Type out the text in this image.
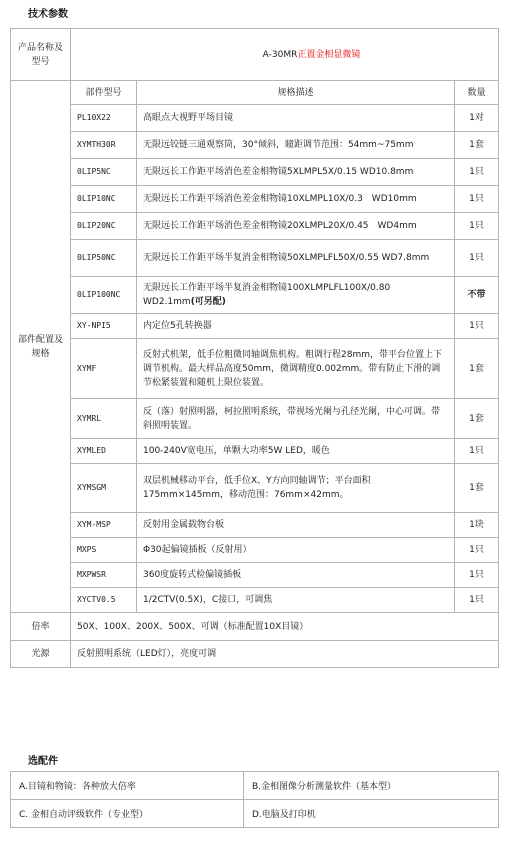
技术参数
产品名称及型号	A-30MR正置金相显微镜		
部件配置及规格	部件型号	规格描述	数量
	PL10X22	高眼点大视野平场目镜	1对
	XYMTH30R	无限远铰链三通观察筒，30°倾斜，瞳距调节范围：54mm~75mm	1套
	0LIP5NC	无限远长工作距平场消色差金相物镜5XLMPL5X/0.15 WD10.8mm	1只
	0LIP10NC	无限远长工作距平场消色差金相物镜10XLMPL10X/0.3　WD10mm	1只
	0LIP20NC	无限远长工作距平场消色差金相物镜20XLMPL20X/0.45　WD4mm	1只
	0LIP50NC	无限远长工作距平场半复消金相物镜50XLMPLFL50X/0.55 WD7.8mm	1只
	0LIP100NC	无限远长工作距平场半复消金相物镜100XLMPLFL100X/0.80 WD2.1mm(可另配)	不带
	XY-NPI5	内定位5孔转换器	1只
	XYMF	反射式机架，低手位粗微同轴调焦机构。粗调行程28mm，带平台位置上下调节机构。最大样品高度50mm，微调精度0.002mm。带有防止下滑的调节松紧装置和随机上限位装置。	1套
	XYMRL	反（落）射照明器，柯拉照明系统，带视场光阑与孔径光阑，中心可调。带斜照明装置。	1套
	XYMLED	100-240V宽电压，单颗大功率5W LED，暖色	1只
	XYMSGM	双层机械移动平台，低手位X、Y方向同轴调节；平台面积175mm×145mm，移动范围：76mm×42mm。	1套
	XYM-MSP	反射用金属载物台板	1块
	MXPS	Φ30起偏镜插板（反射用）	1只
	MXPWSR	360度旋转式检偏镜插板	1只
	XYCTV0.5	1/2CTV(0.5X)，C接口，可调焦	1只
倍率	50X、100X、200X、500X、可调（标准配置10X目镜）		
光源	反射照明系统（LED灯），亮度可调		
选配件
A.目镜和物镜：各种放大倍率	B.金相图像分析测量软件（基本型）
C. 金相自动评级软件（专业型）	D.电脑及打印机
